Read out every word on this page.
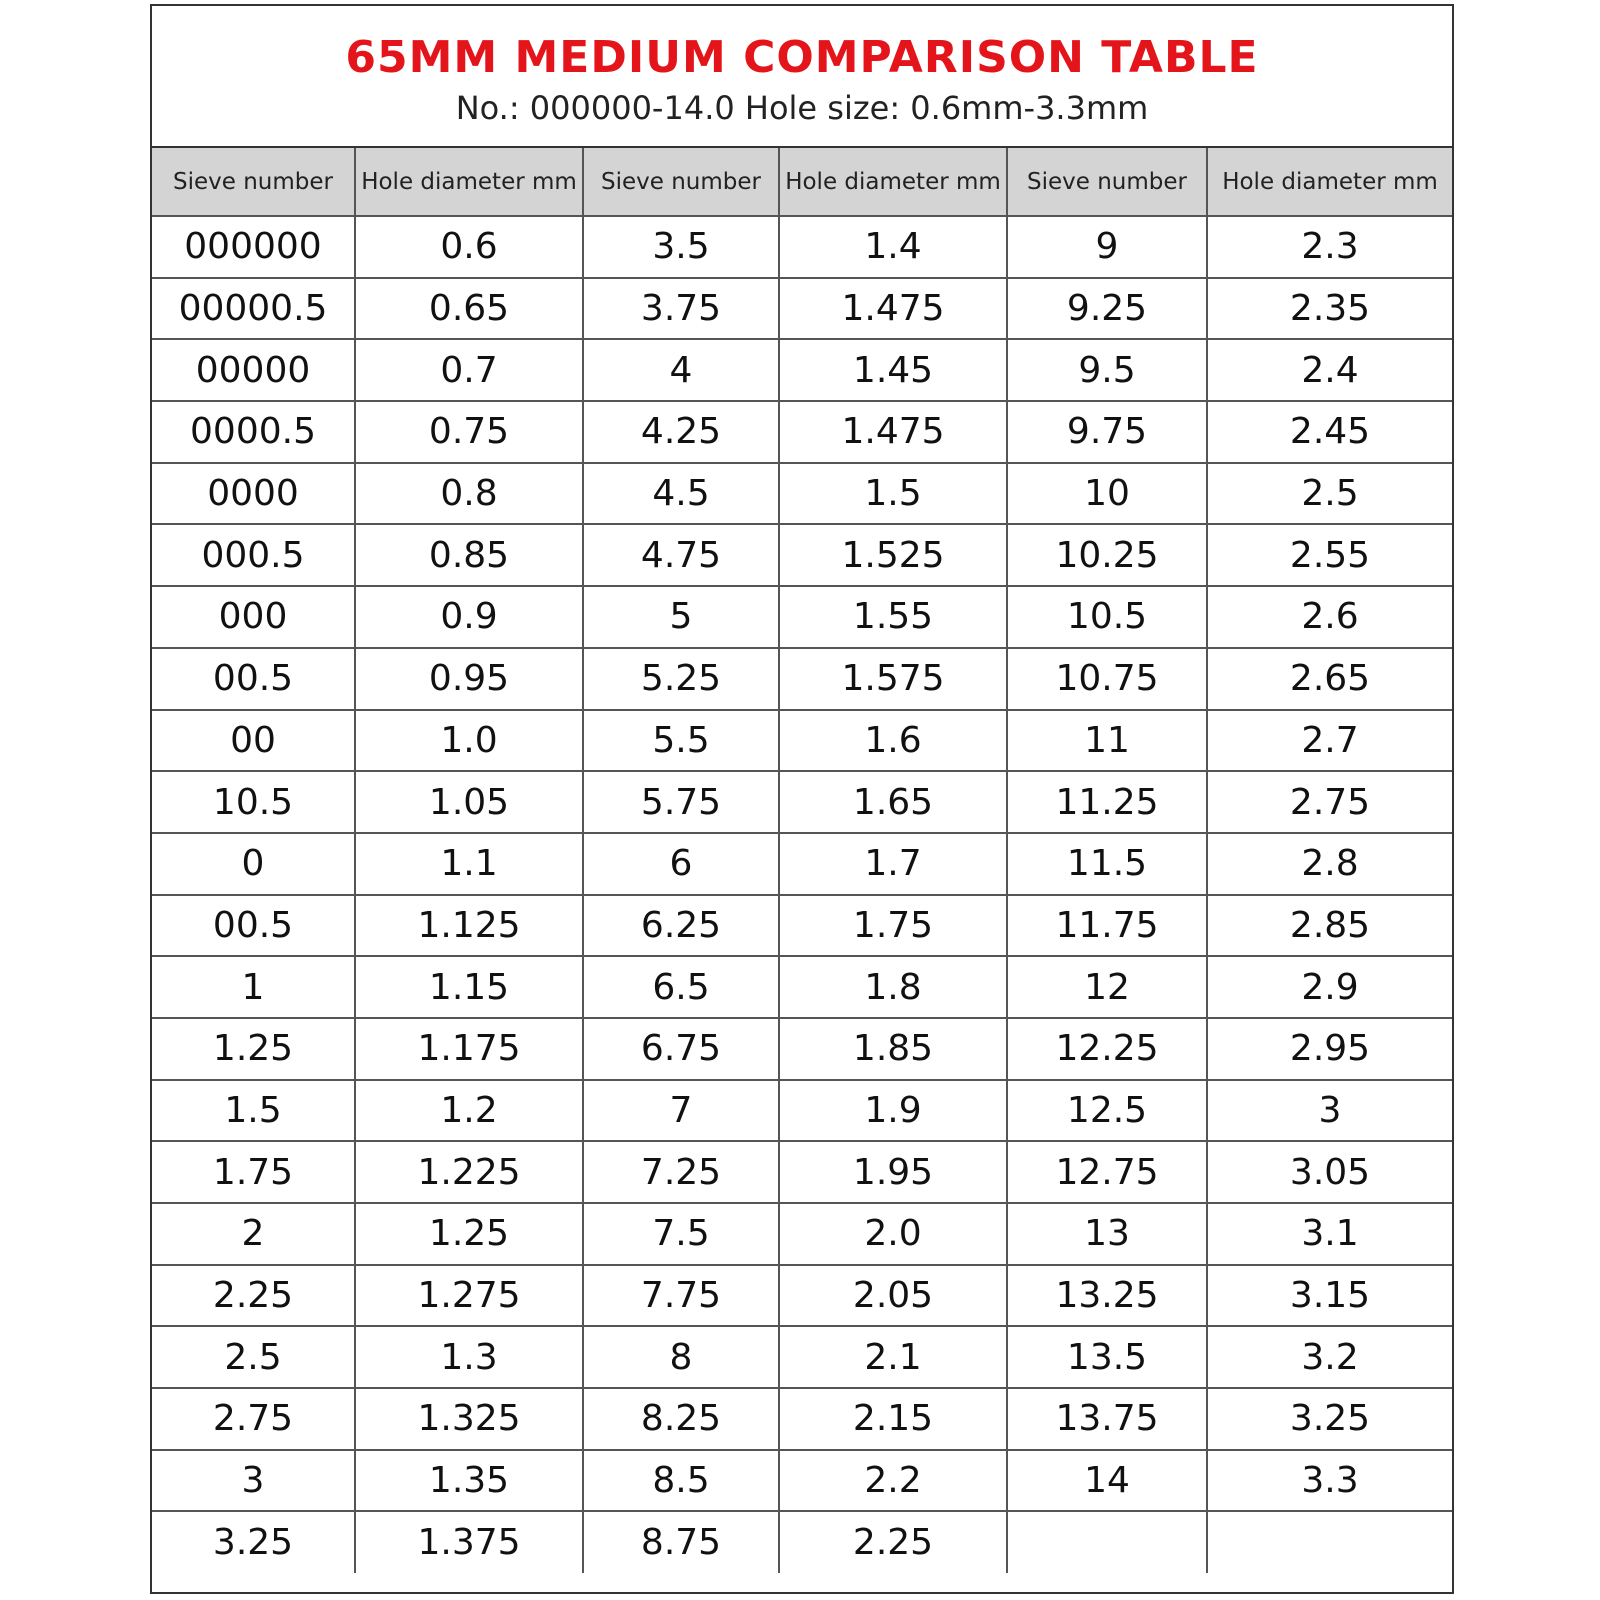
65MM MEDIUM COMPARISON TABLE
No.: 000000-14.0 Hole size: 0.6mm-3.3mm
Sieve number	Hole diameter mm	Sieve number	Hole diameter mm	Sieve number	Hole diameter mm
000000	0.6	3.5	1.4	9	2.3
00000.5	0.65	3.75	1.475	9.25	2.35
00000	0.7	4	1.45	9.5	2.4
0000.5	0.75	4.25	1.475	9.75	2.45
0000	0.8	4.5	1.5	10	2.5
000.5	0.85	4.75	1.525	10.25	2.55
000	0.9	5	1.55	10.5	2.6
00.5	0.95	5.25	1.575	10.75	2.65
00	1.0	5.5	1.6	11	2.7
10.5	1.05	5.75	1.65	11.25	2.75
0	1.1	6	1.7	11.5	2.8
00.5	1.125	6.25	1.75	11.75	2.85
1	1.15	6.5	1.8	12	2.9
1.25	1.175	6.75	1.85	12.25	2.95
1.5	1.2	7	1.9	12.5	3
1.75	1.225	7.25	1.95	12.75	3.05
2	1.25	7.5	2.0	13	3.1
2.25	1.275	7.75	2.05	13.25	3.15
2.5	1.3	8	2.1	13.5	3.2
2.75	1.325	8.25	2.15	13.75	3.25
3	1.35	8.5	2.2	14	3.3
3.25	1.375	8.75	2.25		
